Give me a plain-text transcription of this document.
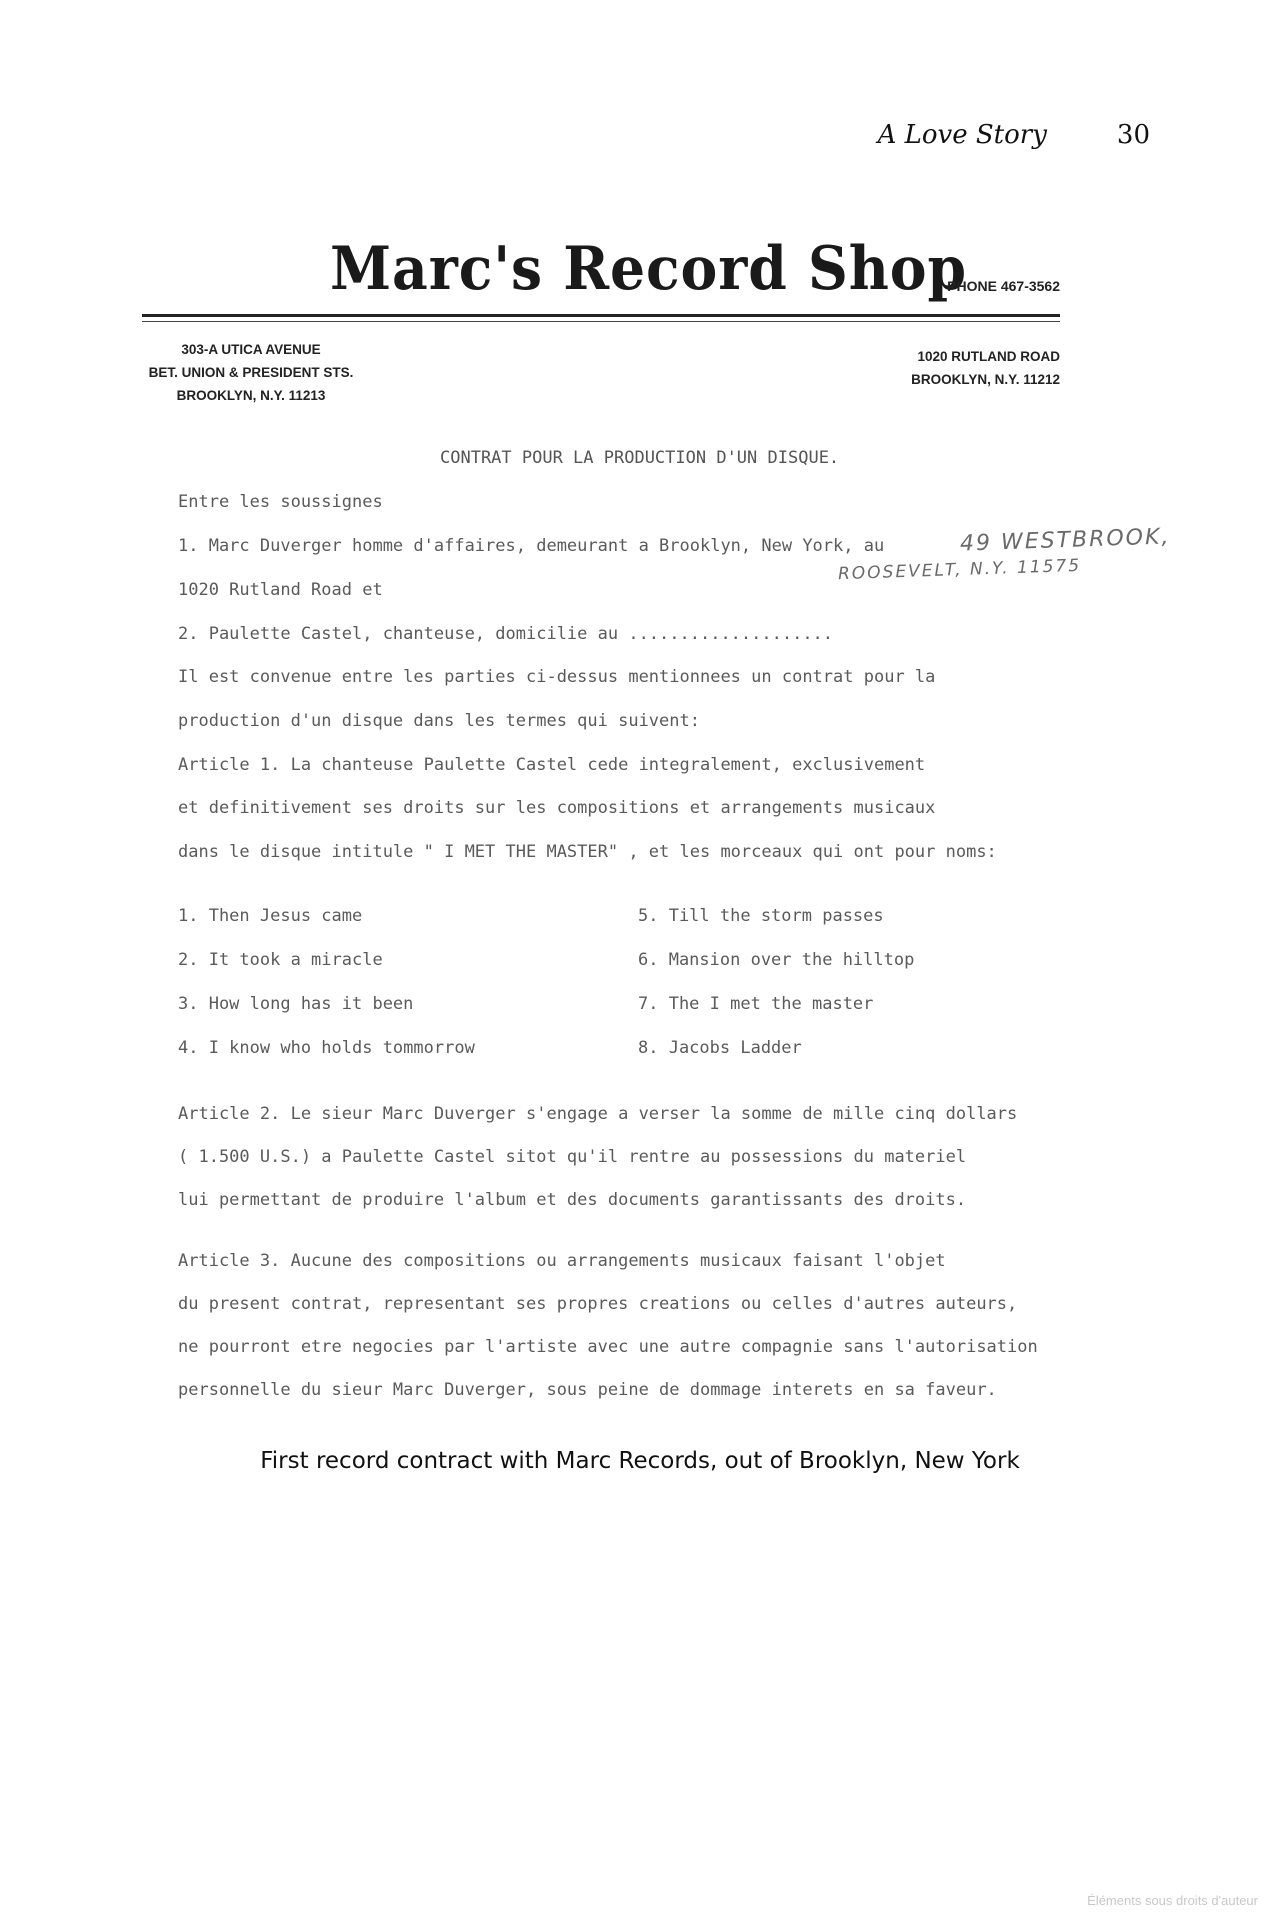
A Love Story	30
Marc's Record Shop
PHONE 467-3562
303-A UTICA AVENUE
BET. UNION & PRESIDENT STS.
BROOKLYN, N.Y. 11213
1020 RUTLAND ROAD
BROOKLYN, N.Y. 11212
CONTRAT POUR LA PRODUCTION D'UN DISQUE.
Entre les soussignes
1. Marc Duverger homme d'affaires, demeurant a Brooklyn, New York, au	49 WESTBROOK,
ROOSEVELT, N.Y. 11575
1020 Rutland Road et
2. Paulette Castel, chanteuse, domicilie au ....................
Il est convenue entre les parties ci-dessus mentionnees un contrat pour la
production d'un disque dans les termes qui suivent:
Article 1. La chanteuse Paulette Castel cede integralement, exclusivement
et definitivement ses droits sur les compositions et arrangements musicaux
dans le disque intitule " I MET THE MASTER" , et les morceaux qui ont pour noms:
1. Then Jesus came
2. It took a miracle
3. How long has it been
4. I know who holds tommorrow
5. Till the storm passes
6. Mansion over the hilltop
7. The I met the master
8. Jacobs Ladder
Article 2. Le sieur Marc Duverger s'engage a verser la somme de mille cinq dollars
( 1.500 U.S.) a Paulette Castel sitot qu'il rentre au possessions du materiel
lui permettant de produire l'album et des documents garantissants des droits.
Article 3. Aucune des compositions ou arrangements musicaux faisant l'objet
du present contrat, representant ses propres creations ou celles d'autres auteurs,
ne pourront etre negocies par l'artiste avec une autre compagnie sans l'autorisation
personnelle du sieur Marc Duverger, sous peine de dommage interets en sa faveur.
First record contract with Marc Records, out of Brooklyn, New York
Éléments sous droits d'auteur
